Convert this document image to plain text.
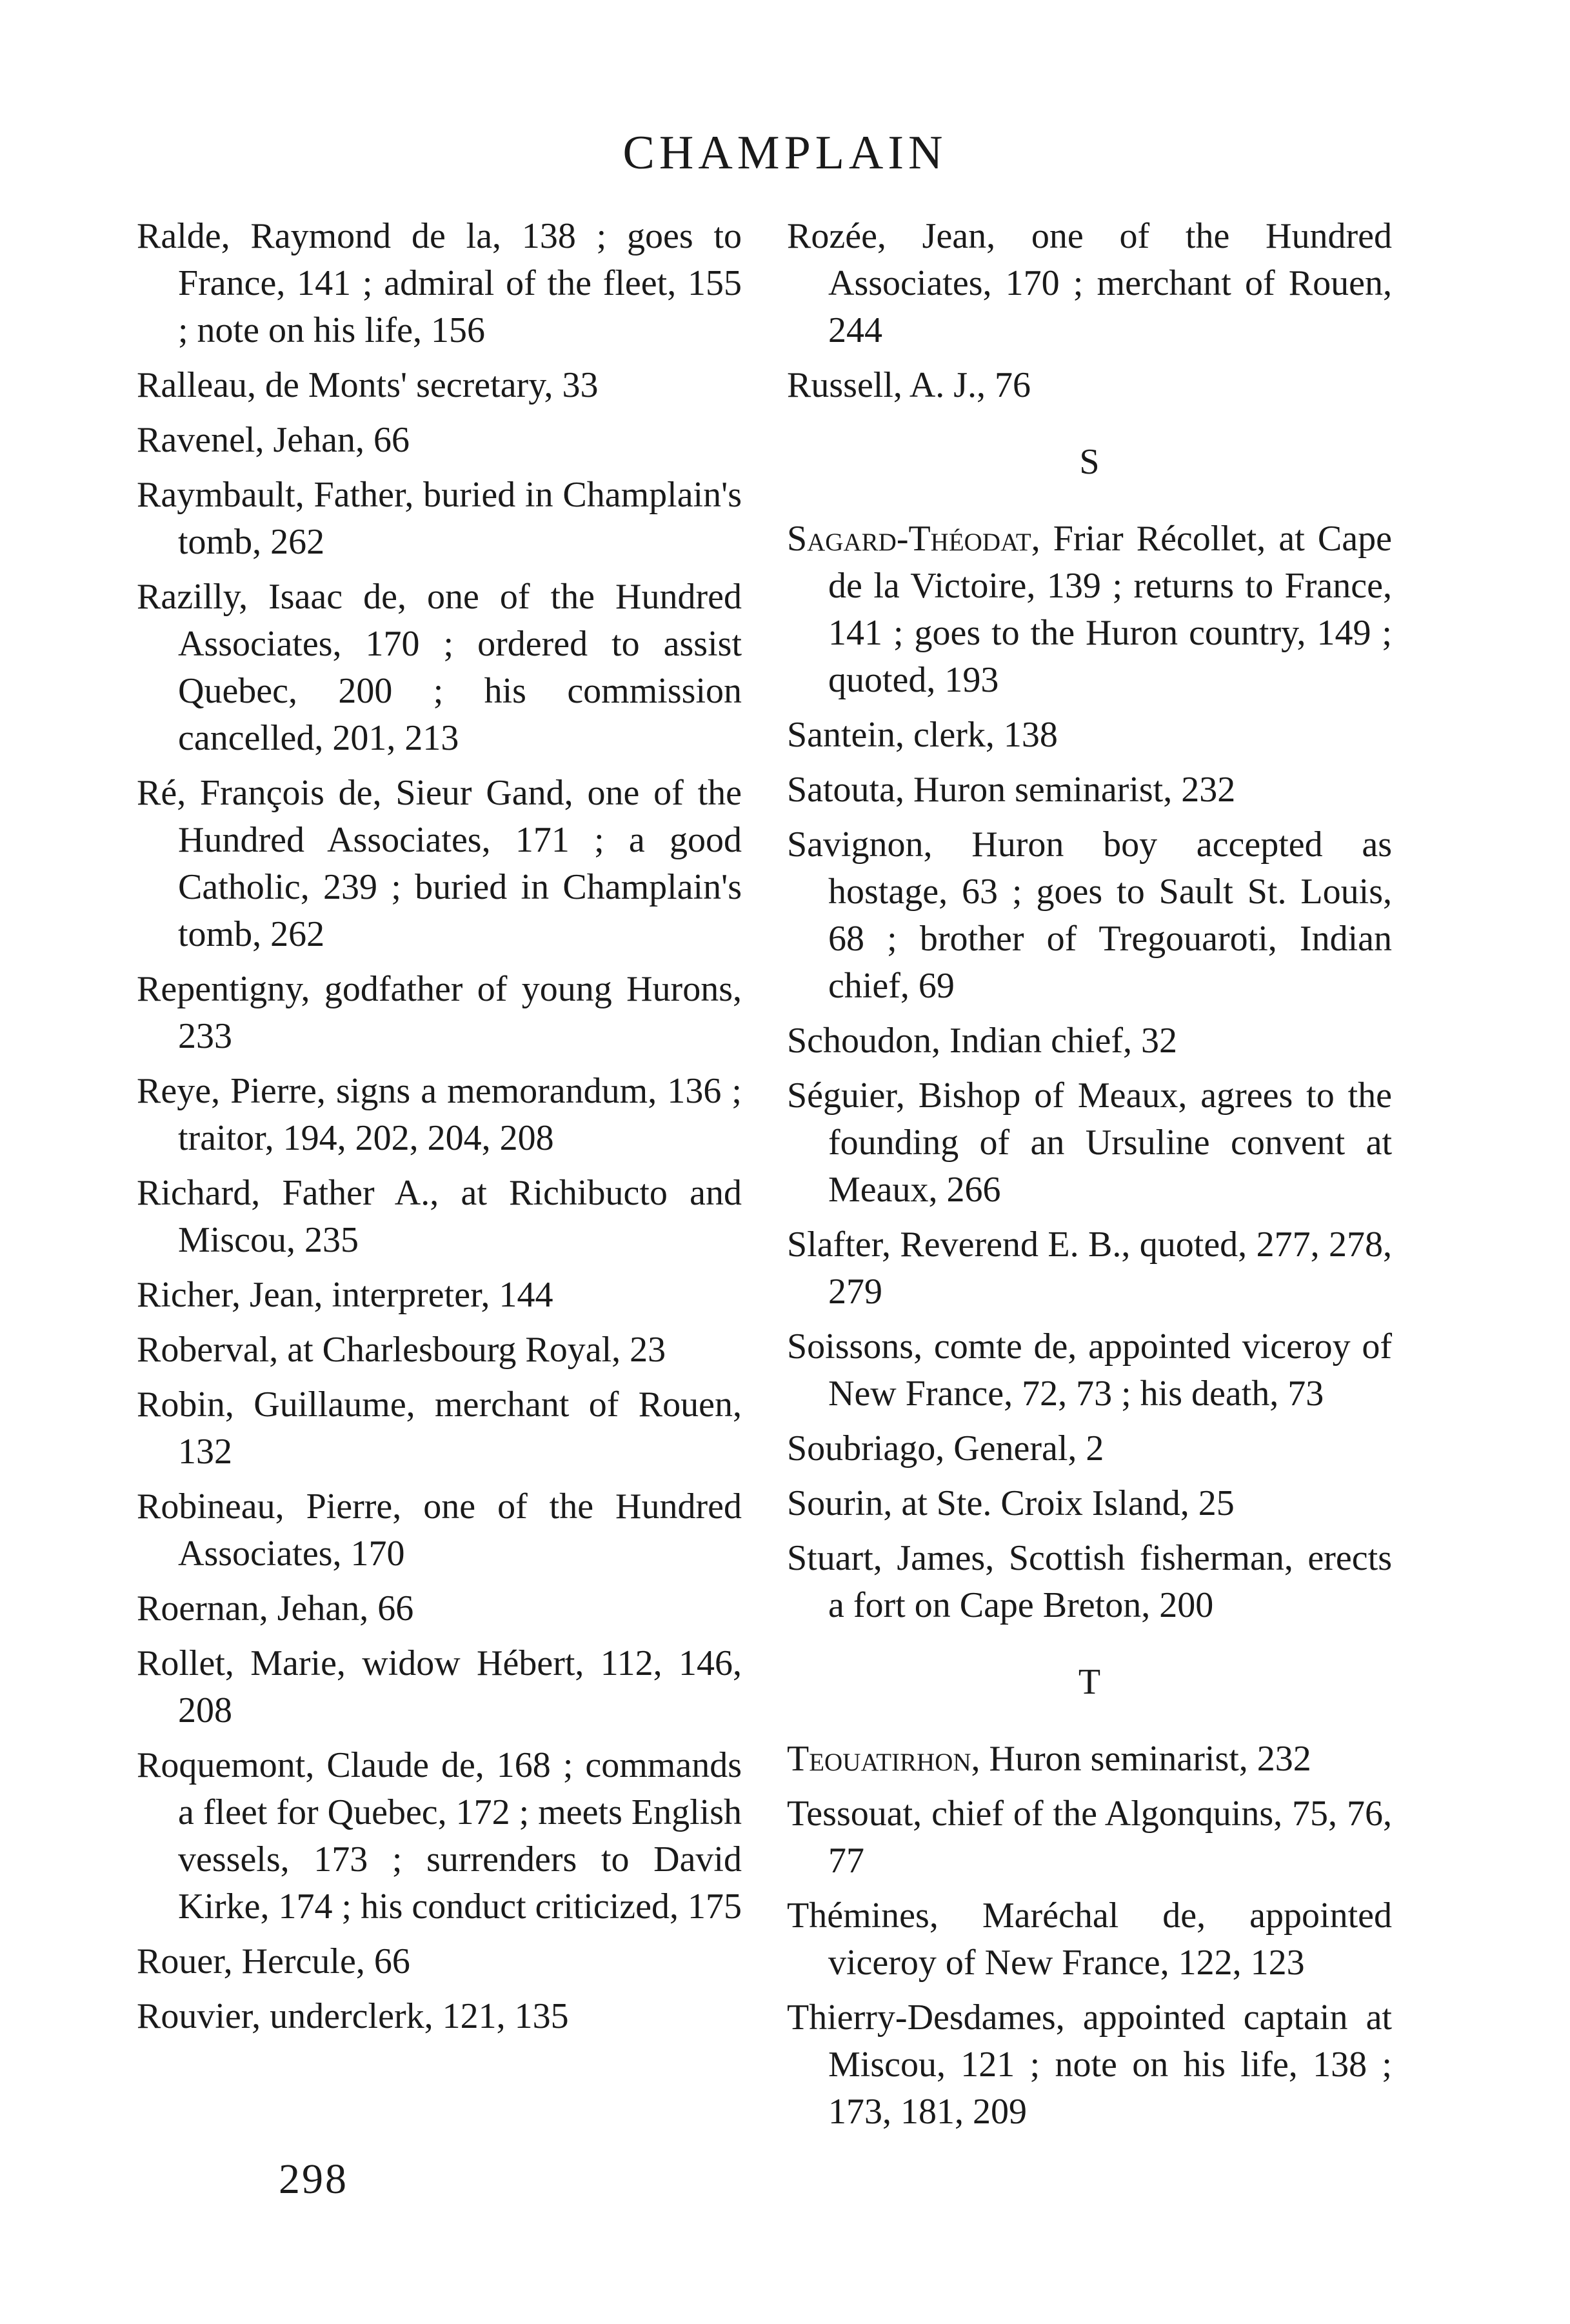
CHAMPLAIN
Ralde, Raymond de la, 138 ; goes to France, 141 ; admiral of the fleet, 155 ; note on his life, 156
Ralleau, de Monts' secretary, 33
Ravenel, Jehan, 66
Raymbault, Father, buried in Champlain's tomb, 262
Razilly, Isaac de, one of the Hundred Associates, 170 ; ordered to assist Quebec, 200 ; his commission cancelled, 201, 213
Ré, François de, Sieur Gand, one of the Hundred Associates, 171 ; a good Catholic, 239 ; buried in Champlain's tomb, 262
Repentigny, godfather of young Hurons, 233
Reye, Pierre, signs a memorandum, 136 ; traitor, 194, 202, 204, 208
Richard, Father A., at Richibucto and Miscou, 235
Richer, Jean, interpreter, 144
Roberval, at Charlesbourg Royal, 23
Robin, Guillaume, merchant of Rouen, 132
Robineau, Pierre, one of the Hundred Associates, 170
Roernan, Jehan, 66
Rollet, Marie, widow Hébert, 112, 146, 208
Roquemont, Claude de, 168 ; commands a fleet for Quebec, 172 ; meets English vessels, 173 ; surrenders to David Kirke, 174 ; his conduct criticized, 175
Rouer, Hercule, 66
Rouvier, underclerk, 121, 135
Rozée, Jean, one of the Hundred Associates, 170 ; merchant of Rouen, 244
Russell, A. J., 76
S
Sagard-Théodat, Friar Récollet, at Cape de la Victoire, 139 ; returns to France, 141 ; goes to the Huron country, 149 ; quoted, 193
Santein, clerk, 138
Satouta, Huron seminarist, 232
Savignon, Huron boy accepted as hostage, 63 ; goes to Sault St. Louis, 68 ; brother of Tregouaroti, Indian chief, 69
Schoudon, Indian chief, 32
Séguier, Bishop of Meaux, agrees to the founding of an Ursuline convent at Meaux, 266
Slafter, Reverend E. B., quoted, 277, 278, 279
Soissons, comte de, appointed viceroy of New France, 72, 73 ; his death, 73
Soubriago, General, 2
Sourin, at Ste. Croix Island, 25
Stuart, James, Scottish fisherman, erects a fort on Cape Breton, 200
T
Teouatirhon, Huron seminarist, 232
Tessouat, chief of the Algonquins, 75, 76, 77
Thémines, Maréchal de, appointed viceroy of New France, 122, 123
Thierry-Desdames, appointed captain at Miscou, 121 ; note on his life, 138 ; 173, 181, 209
298
